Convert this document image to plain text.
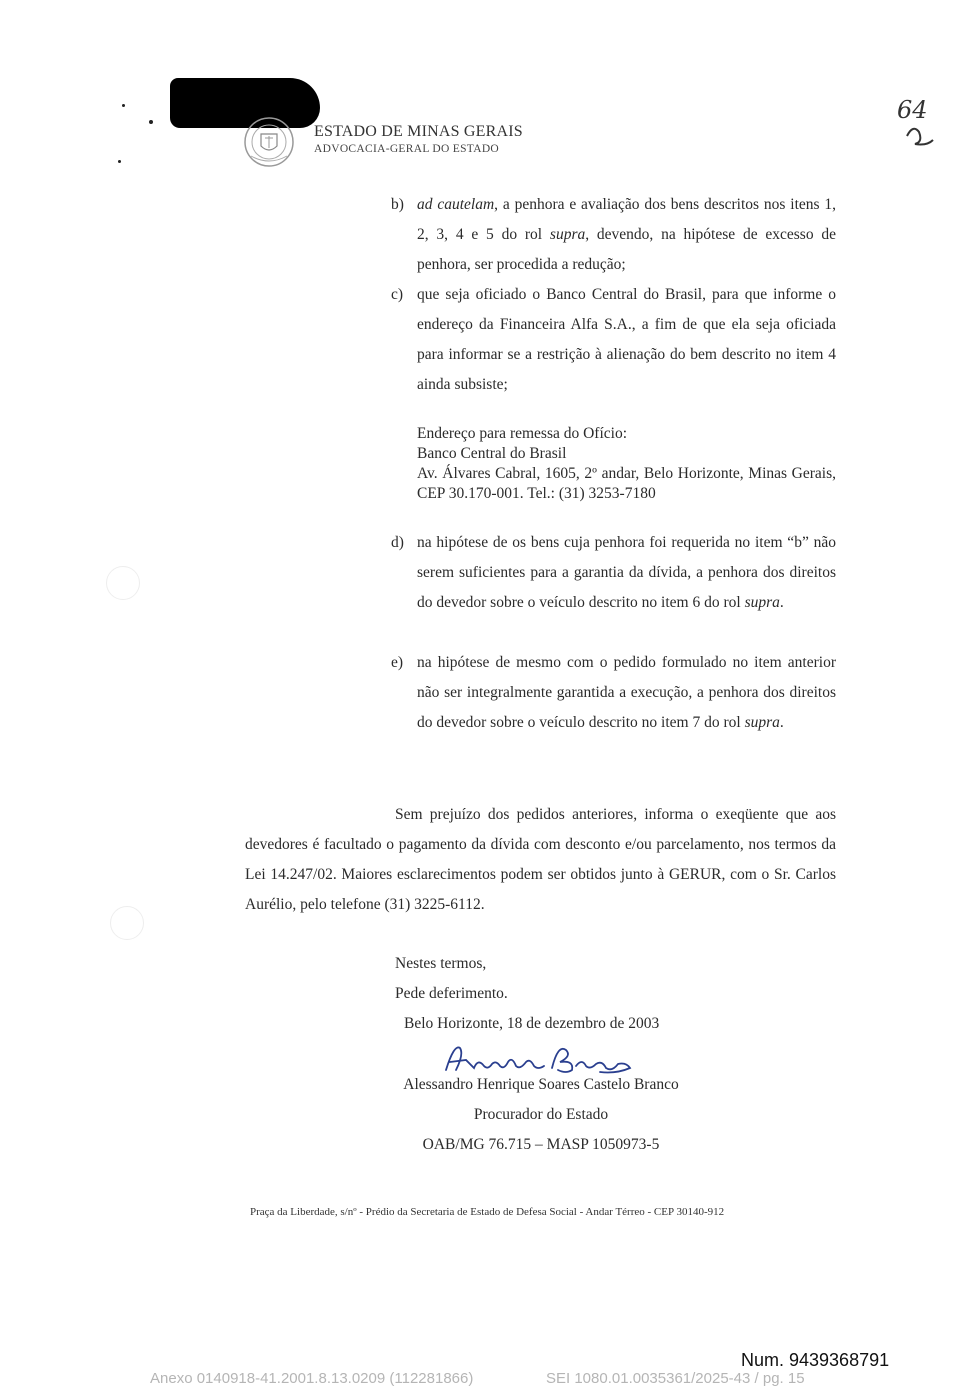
ESTADO DE MINAS GERAIS
ADVOCACIA-GERAL DO ESTADO
64
b) ad cautelam, a penhora e avaliação dos bens descritos nos itens 1, 2, 3, 4 e 5 do rol supra, devendo, na hipótese de excesso de penhora, ser procedida a redução;
c) que seja oficiado o Banco Central do Brasil, para que informe o endereço da Financeira Alfa S.A., a fim de que ela seja oficiada para informar se a restrição à alienação do bem descrito no item 4 ainda subsiste;
Endereço para remessa do Ofício:
Banco Central do Brasil
Av. Álvares Cabral, 1605, 2º andar, Belo Horizonte, Minas Gerais, CEP 30.170-001. Tel.: (31) 3253-7180
d) na hipótese de os bens cuja penhora foi requerida no item “b” não serem suficientes para a garantia da dívida, a penhora dos direitos do devedor sobre o veículo descrito no item 6 do rol supra.
e) na hipótese de mesmo com o pedido formulado no item anterior não ser integralmente garantida a execução, a penhora dos direitos do devedor sobre o veículo descrito no item 7 do rol supra.
Sem prejuízo dos pedidos anteriores, informa o exeqüente que aos devedores é facultado o pagamento da dívida com desconto e/ou parcelamento, nos termos da Lei 14.247/02. Maiores esclarecimentos podem ser obtidos junto à GERUR, com o Sr. Carlos Aurélio, pelo telefone (31) 3225-6112.
Nestes termos,
Pede deferimento.
Belo Horizonte, 18 de dezembro de 2003
Alessandro Henrique Soares Castelo Branco
Procurador do Estado
OAB/MG 76.715 – MASP 1050973-5
Praça da Liberdade, s/nº - Prédio da Secretaria de Estado de Defesa Social - Andar Térreo - CEP 30140-912
Num. 9439368791
Anexo 0140918-41.2001.8.13.0209 (112281866)	SEI 1080.01.0035361/2025-43 / pg. 15
